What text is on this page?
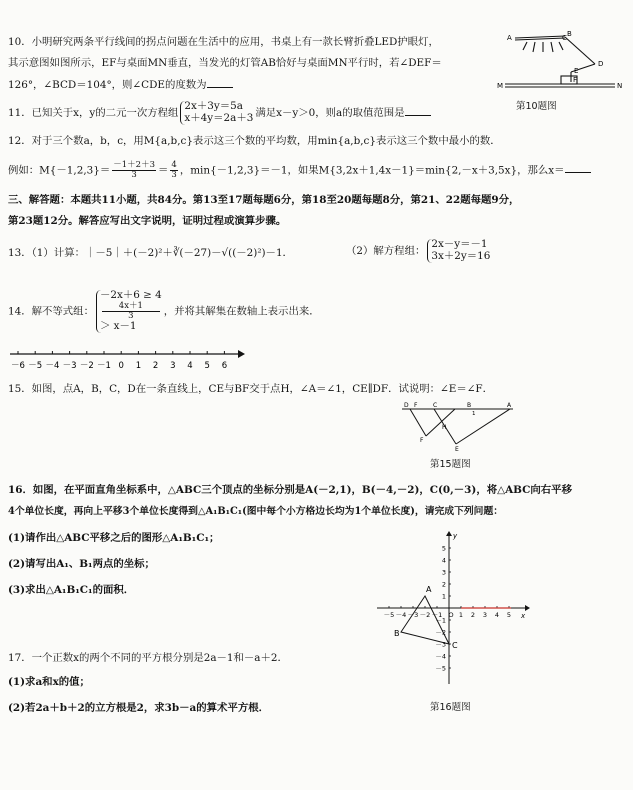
10．小明研究两条平行线间的拐点问题在生活中的应用，书桌上有一款长臂折叠LED护眼灯，
其示意图如图所示，EF与桌面MN垂直，当发光的灯管AB恰好与桌面MN平行时，若∠DEF＝
126°，∠BCD＝104°，则∠CDE的度数为
A	B
C
D
E
F
M	N
第10题图
11．已知关于x，y的二元一次方程组
2x＋3y＝5a
x＋4y＝2a＋3 满足x－y＞0，则a的取值范围是
12．对于三个数a，b，c，用M{a,b,c}表示这三个数的平均数，用min{a,b,c}表示这三个数中最小的数．
例如：$M\{-1,2,3\}= \frac{-1+2+3}{3} = \frac{4}{3}$ ，min{－1,2,3}＝－1，如果M{3,2x＋1,4x－1}＝min{2,－x＋3,5x}，那么x＝
三、解答题：本题共11小题，共84分。第13至17题每题6分，第18至20题每题8分，第21、22题每题9分，
第23题12分。解答应写出文字说明，证明过程或演算步骤。
13．（1）计算：｜－5｜＋(－2)²＋∛(－27)－√((－2)²)－1．	（2）解方程组：
2x－y＝－1
3x＋2y＝16
14．解不等式组：
－2x＋6 ≥ 4
4x＋1
3
＞ x－1
，并将其解集在数轴上表示出来．
－6 －5 －4 －3 －2 －1 0 1 2 3 4 5 6
15．如图，点A，B，C，D在一条直线上，CE与BF交于点H，∠A＝∠1，CE∥DF．试说明：∠E＝∠F．
D F	C	B	A
1
H
F
E
第15题图
16．如图，在平面直角坐标系中，△ABC三个顶点的坐标分别是A(－2,1)，B(－4,－2)，C(0,－3)，将△ABC向右平移
4个单位长度，再向上平移3个单位长度得到△A₁B₁C₁(图中每个小方格边长均为1个单位长度)，请完成下列问题：
(1)请作出△ABC平移之后的图形△A₁B₁C₁；
(2)请写出A₁、B₁两点的坐标；
(3)求出△A₁B₁C₁的面积．
－5 －4 －3 －2 －1 O 1 2 3 4 5
5
4
3
2
1
－1
－2
－3
－4
－5
x
y
A
B
C
第16题图
17．一个正数x的两个不同的平方根分别是2a－1和－a＋2．
(1)求a和x的值；
(2)若2a＋b＋2的立方根是2，求3b－a的算术平方根．
